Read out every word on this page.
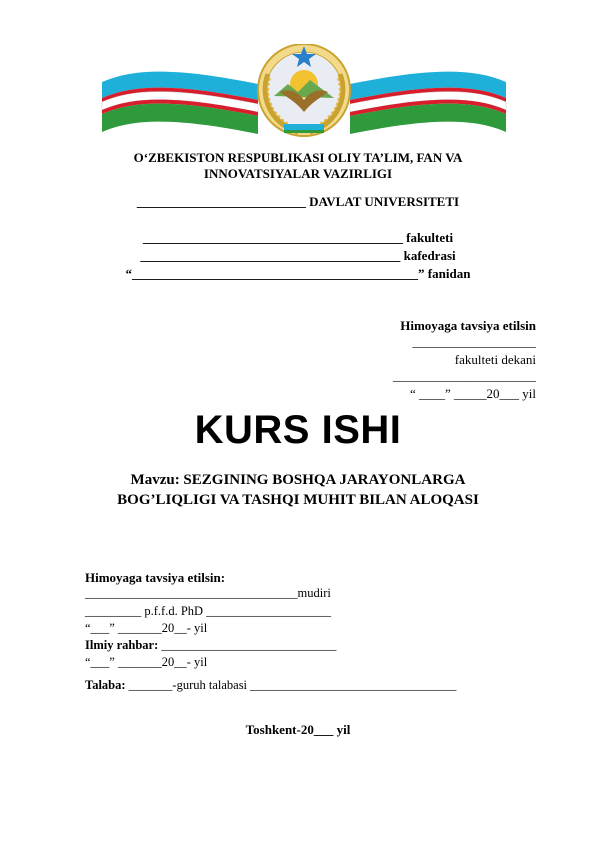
O‘ZBEKISTON RESPUBLIKASI OLIY TA’LIM, FAN VA
INNOVATSIYALAR VAZIRLIGI
__________________________ DAVLAT UNIVERSITETI
________________________________________ fakulteti
________________________________________ kafedrasi
“____________________________________________” fanidan
Himoyaga tavsiya etilsin
___________________
fakulteti dekani
______________________
“ ____” _____20___ yil
KURS ISHI
Mavzu: SEZGINING BOSHQA JARAYONLARGA
BOG’LIQLIGI VA TASHQI MUHIT BILAN ALOQASI
Himoyaga tavsiya etilsin:
__________________________________mudiri
_________ p.f.f.d. PhD ____________________
“___” _______20__- yil
Ilmiy rahbar: ____________________________
“___” _______20__- yil
Talaba: _______-guruh talabasi _________________________________
Toshkent-20___ yil
